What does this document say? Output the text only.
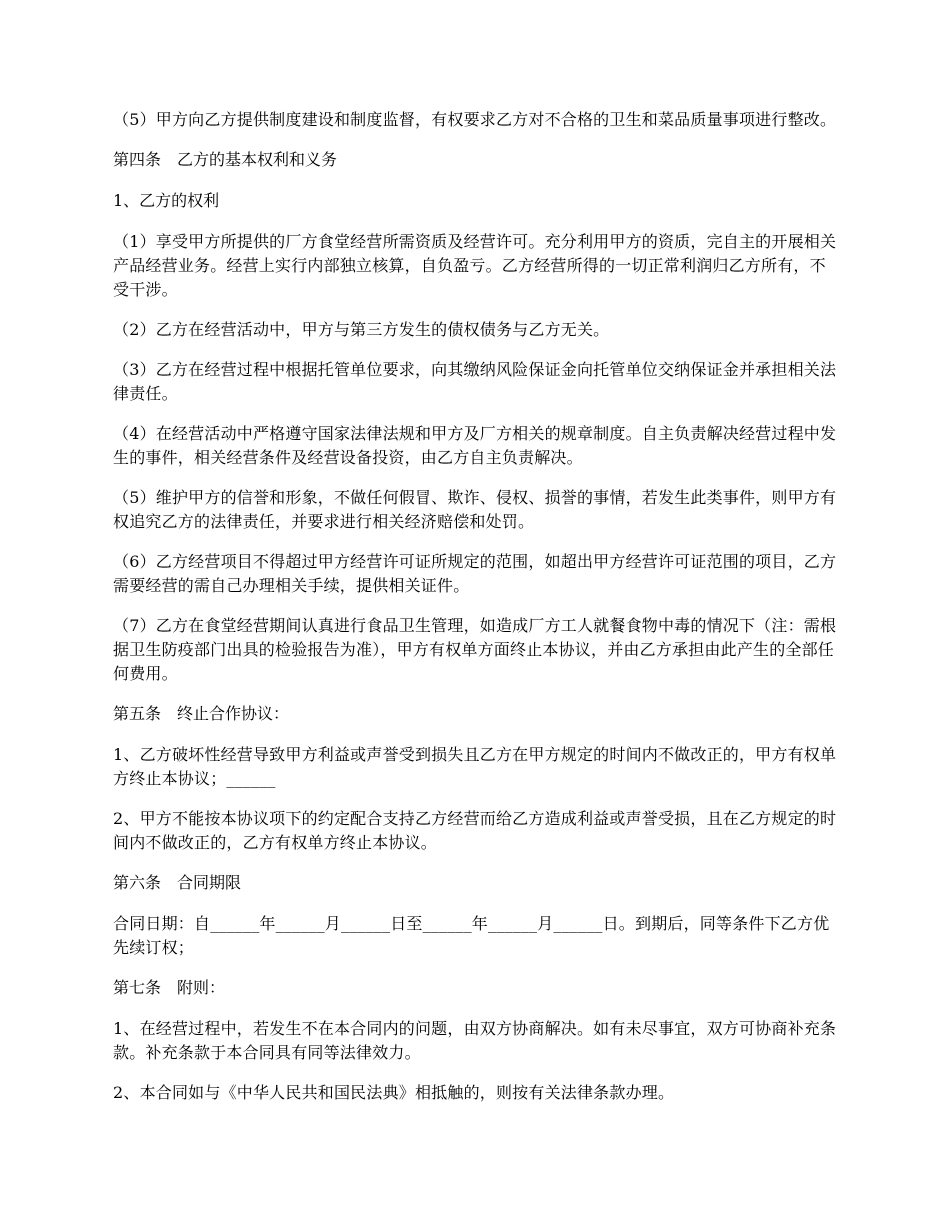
（5）甲方向乙方提供制度建设和制度监督，有权要求乙方对不合格的卫生和菜品质量事项进行整改。

第四条　乙方的基本权利和义务

1、乙方的权利

（1）享受甲方所提供的厂方食堂经营所需资质及经营许可。充分利用甲方的资质，完自主的开展相关产品经营业务。经营上实行内部独立核算，自负盈亏。乙方经营所得的一切正常利润归乙方所有，不受干涉。

（2）乙方在经营活动中，甲方与第三方发生的债权债务与乙方无关。

（3）乙方在经营过程中根据托管单位要求，向其缴纳风险保证金向托管单位交纳保证金并承担相关法律责任。

（4）在经营活动中严格遵守国家法律法规和甲方及厂方相关的规章制度。自主负责解决经营过程中发生的事件，相关经营条件及经营设备投资，由乙方自主负责解决。

（5）维护甲方的信誉和形象，不做任何假冒、欺诈、侵权、损誉的事情，若发生此类事件，则甲方有权追究乙方的法律责任，并要求进行相关经济赔偿和处罚。

（6）乙方经营项目不得超过甲方经营许可证所规定的范围，如超出甲方经营许可证范围的项目，乙方需要经营的需自己办理相关手续，提供相关证件。

（7）乙方在食堂经营期间认真进行食品卫生管理，如造成厂方工人就餐食物中毒的情况下（注：需根据卫生防疫部门出具的检验报告为准），甲方有权单方面终止本协议，并由乙方承担由此产生的全部任何费用。

第五条　终止合作协议：

1、乙方破坏性经营导致甲方利益或声誉受到损失且乙方在甲方规定的时间内不做改正的，甲方有权单方终止本协议；______

2、甲方不能按本协议项下的约定配合支持乙方经营而给乙方造成利益或声誉受损，且在乙方规定的时间内不做改正的，乙方有权单方终止本协议。

第六条　合同期限

合同日期：自______年______月______日至______年______月______日。到期后，同等条件下乙方优先续订权；

第七条　附则：

1、在经营过程中，若发生不在本合同内的问题，由双方协商解决。如有未尽事宜，双方可协商补充条款。补充条款于本合同具有同等法律效力。

2、本合同如与《中华人民共和国民法典》相抵触的，则按有关法律条款办理。
